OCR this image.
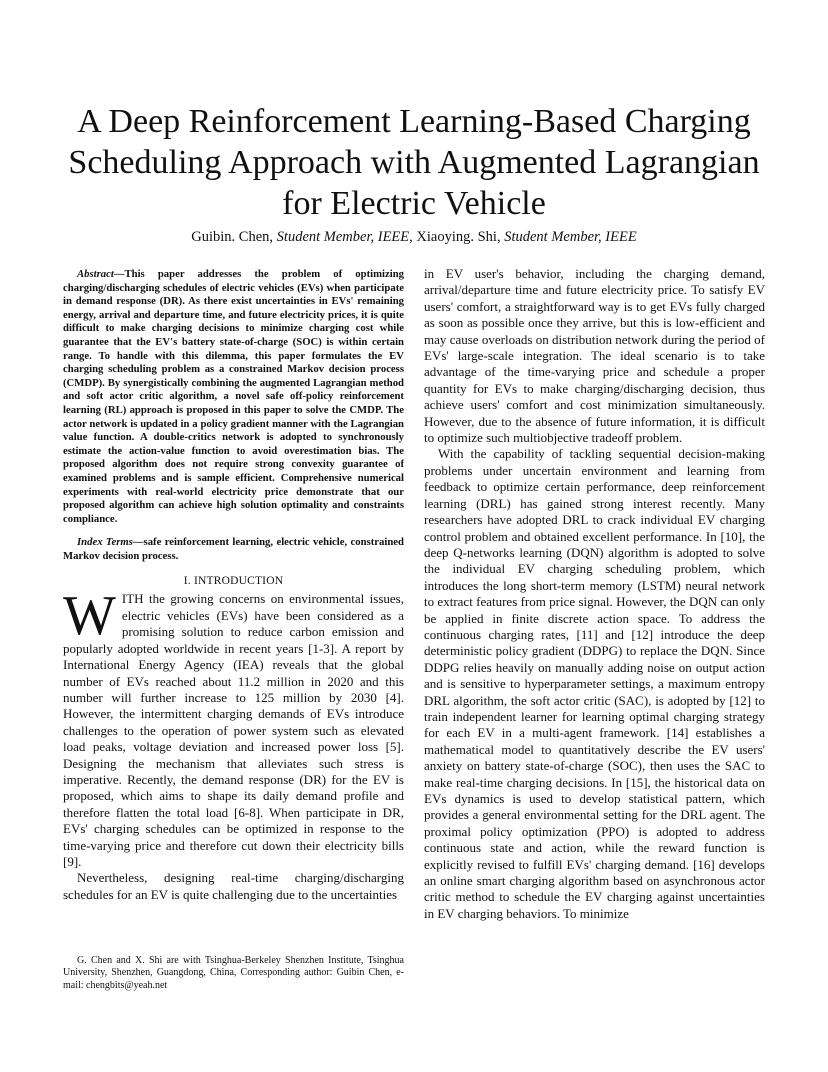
A Deep Reinforcement Learning-Based Charging Scheduling Approach with Augmented Lagrangian for Electric Vehicle

Guibin. Chen, Student Member, IEEE, Xiaoying. Shi, Student Member, IEEE

Abstract—This paper addresses the problem of optimizing charging/discharging schedules of electric vehicles (EVs) when participate in demand response (DR). As there exist uncertainties in EVs' remaining energy, arrival and departure time, and future electricity prices, it is quite difficult to make charging decisions to minimize charging cost while guarantee that the EV's battery state-of-charge (SOC) is within certain range. To handle with this dilemma, this paper formulates the EV charging scheduling problem as a constrained Markov decision process (CMDP). By synergistically combining the augmented Lagrangian method and soft actor critic algorithm, a novel safe off-policy reinforcement learning (RL) approach is proposed in this paper to solve the CMDP. The actor network is updated in a policy gradient manner with the Lagrangian value function. A double-critics network is adopted to synchronously estimate the action-value function to avoid overestimation bias. The proposed algorithm does not require strong convexity guarantee of examined problems and is sample efficient. Comprehensive numerical experiments with real-world electricity price demonstrate that our proposed algorithm can achieve high solution optimality and constraints compliance.

Index Terms—safe reinforcement learning, electric vehicle, constrained Markov decision process.

I. INTRODUCTION

WITH the growing concerns on environmental issues, electric vehicles (EVs) have been considered as a promising solution to reduce carbon emission and popularly adopted worldwide in recent years [1-3]. A report by International Energy Agency (IEA) reveals that the global number of EVs reached about 11.2 million in 2020 and this number will further increase to 125 million by 2030 [4]. However, the intermittent charging demands of EVs introduce challenges to the operation of power system such as elevated load peaks, voltage deviation and increased power loss [5]. Designing the mechanism that alleviates such stress is imperative. Recently, the demand response (DR) for the EV is proposed, which aims to shape its daily demand profile and therefore flatten the total load [6-8]. When participate in DR, EVs' charging schedules can be optimized in response to the time-varying price and therefore cut down their electricity bills [9].

Nevertheless, designing real-time charging/discharging schedules for an EV is quite challenging due to the uncertainties

in EV user's behavior, including the charging demand, arrival/departure time and future electricity price. To satisfy EV users' comfort, a straightforward way is to get EVs fully charged as soon as possible once they arrive, but this is low-efficient and may cause overloads on distribution network during the period of EVs' large-scale integration. The ideal scenario is to take advantage of the time-varying price and schedule a proper quantity for EVs to make charging/discharging decision, thus achieve users' comfort and cost minimization simultaneously. However, due to the absence of future information, it is difficult to optimize such multiobjective tradeoff problem.

With the capability of tackling sequential decision-making problems under uncertain environment and learning from feedback to optimize certain performance, deep reinforcement learning (DRL) has gained strong interest recently. Many researchers have adopted DRL to crack individual EV charging control problem and obtained excellent performance. In [10], the deep Q-networks learning (DQN) algorithm is adopted to solve the individual EV charging scheduling problem, which introduces the long short-term memory (LSTM) neural network to extract features from price signal. However, the DQN can only be applied in finite discrete action space. To address the continuous charging rates, [11] and [12] introduce the deep deterministic policy gradient (DDPG) to replace the DQN. Since DDPG relies heavily on manually adding noise on output action and is sensitive to hyperparameter settings, a maximum entropy DRL algorithm, the soft actor critic (SAC), is adopted by [12] to train independent learner for learning optimal charging strategy for each EV in a multi-agent framework. [14] establishes a mathematical model to quantitatively describe the EV users' anxiety on battery state-of-charge (SOC), then uses the SAC to make real-time charging decisions. In [15], the historical data on EVs dynamics is used to develop statistical pattern, which provides a general environmental setting for the DRL agent. The proximal policy optimization (PPO) is adopted to address continuous state and action, while the reward function is explicitly revised to fulfill EVs' charging demand. [16] develops an online smart charging algorithm based on asynchronous actor critic method to schedule the EV charging against uncertainties in EV charging behaviors. To minimize

G. Chen and X. Shi are with Tsinghua-Berkeley Shenzhen Institute, Tsinghua University, Shenzhen, Guangdong, China, Corresponding author: Guibin Chen, e-mail: chengbits@yeah.net
